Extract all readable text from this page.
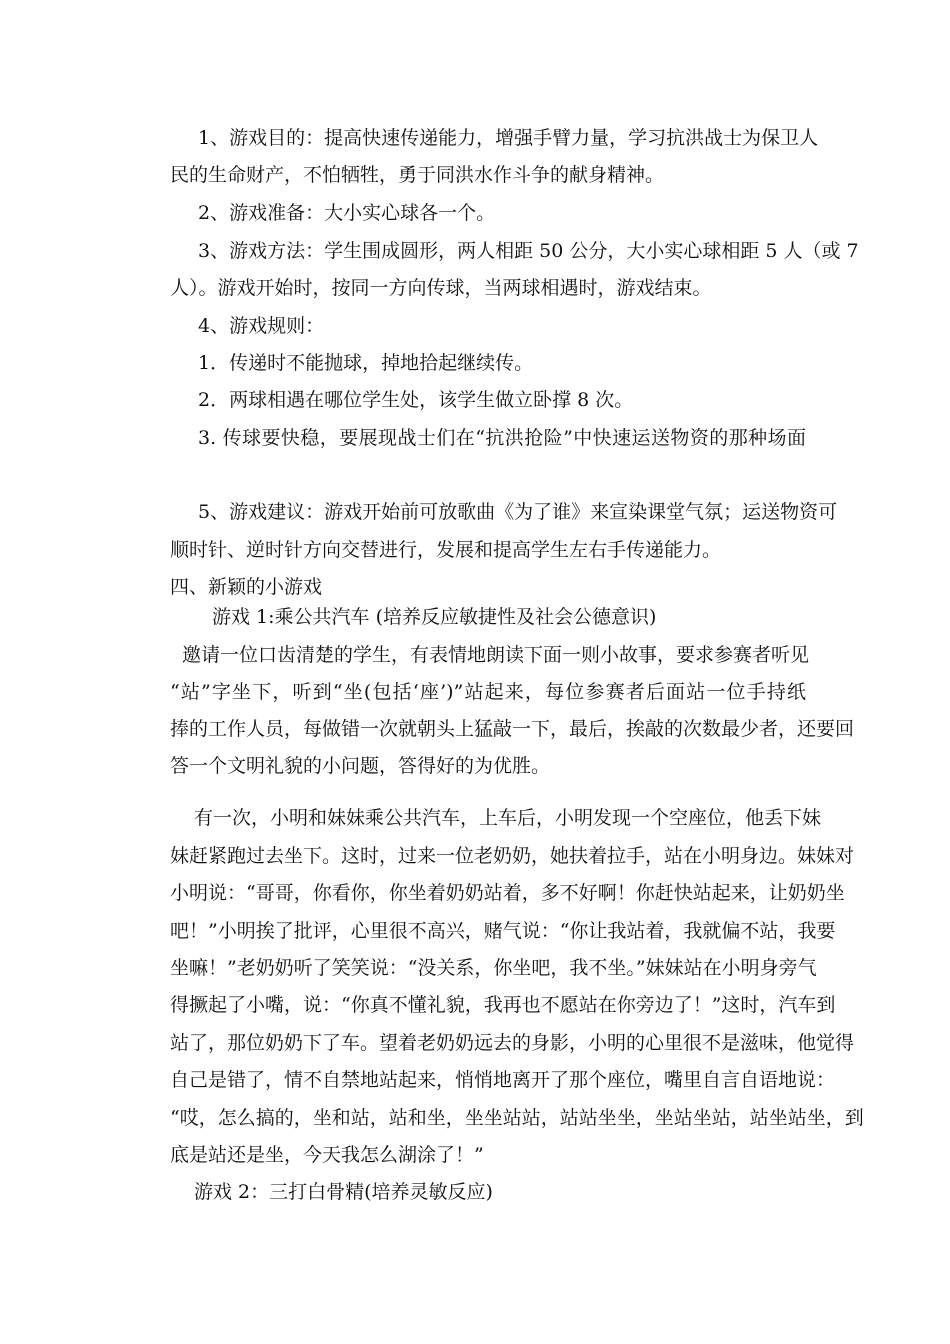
1、游戏目的：提高快速传递能力，增强手臂力量，学习抗洪战士为保卫人
民的生命财产，不怕牺牲，勇于同洪水作斗争的献身精神。
2、游戏准备：大小实心球各一个。
3、游戏方法：学生围成圆形，两人相距 50 公分，大小实心球相距 5 人（或 7
人）。游戏开始时，按同一方向传球，当两球相遇时，游戏结束。
4、游戏规则：
1．传递时不能抛球，掉地拾起继续传。
2．两球相遇在哪位学生处，该学生做立卧撑 8 次。
3. 传球要快稳，要展现战士们在“抗洪抢险”中快速运送物资的那种场面
5、游戏建议：游戏开始前可放歌曲《为了谁》来宣染课堂气氛；运送物资可
顺时针、逆时针方向交替进行，发展和提高学生左右手传递能力。
四、新颖的小游戏
游戏 1:乘公共汽车 (培养反应敏捷性及社会公德意识)
邀请一位口齿清楚的学生，有表情地朗读下面一则小故事，要求参赛者听见
“站”字坐下，听到“坐(包括‘座’)”站起来，每位参赛者后面站一位手持纸
捧的工作人员，每做错一次就朝头上猛敲一下，最后，挨敲的次数最少者，还要回
答一个文明礼貌的小问题，答得好的为优胜。
有一次，小明和妹妹乘公共汽车，上车后，小明发现一个空座位，他丢下妹
妹赶紧跑过去坐下。这时，过来一位老奶奶，她扶着拉手，站在小明身边。妹妹对
小明说：“哥哥，你看你，你坐着奶奶站着，多不好啊！你赶快站起来，让奶奶坐
吧！”小明挨了批评，心里很不高兴，赌气说：“你让我站着，我就偏不站，我要
坐嘛！”老奶奶听了笑笑说：“没关系，你坐吧，我不坐。”妹妹站在小明身旁气
得撅起了小嘴，说：“你真不懂礼貌，我再也不愿站在你旁边了！”这时，汽车到
站了，那位奶奶下了车。望着老奶奶远去的身影，小明的心里很不是滋味，他觉得
自己是错了，情不自禁地站起来，悄悄地离开了那个座位，嘴里自言自语地说：
“哎，怎么搞的，坐和站，站和坐，坐坐站站，站站坐坐，坐站坐站，站坐站坐，到
底是站还是坐，今天我怎么湖涂了！”
游戏 2：三打白骨精(培养灵敏反应)
